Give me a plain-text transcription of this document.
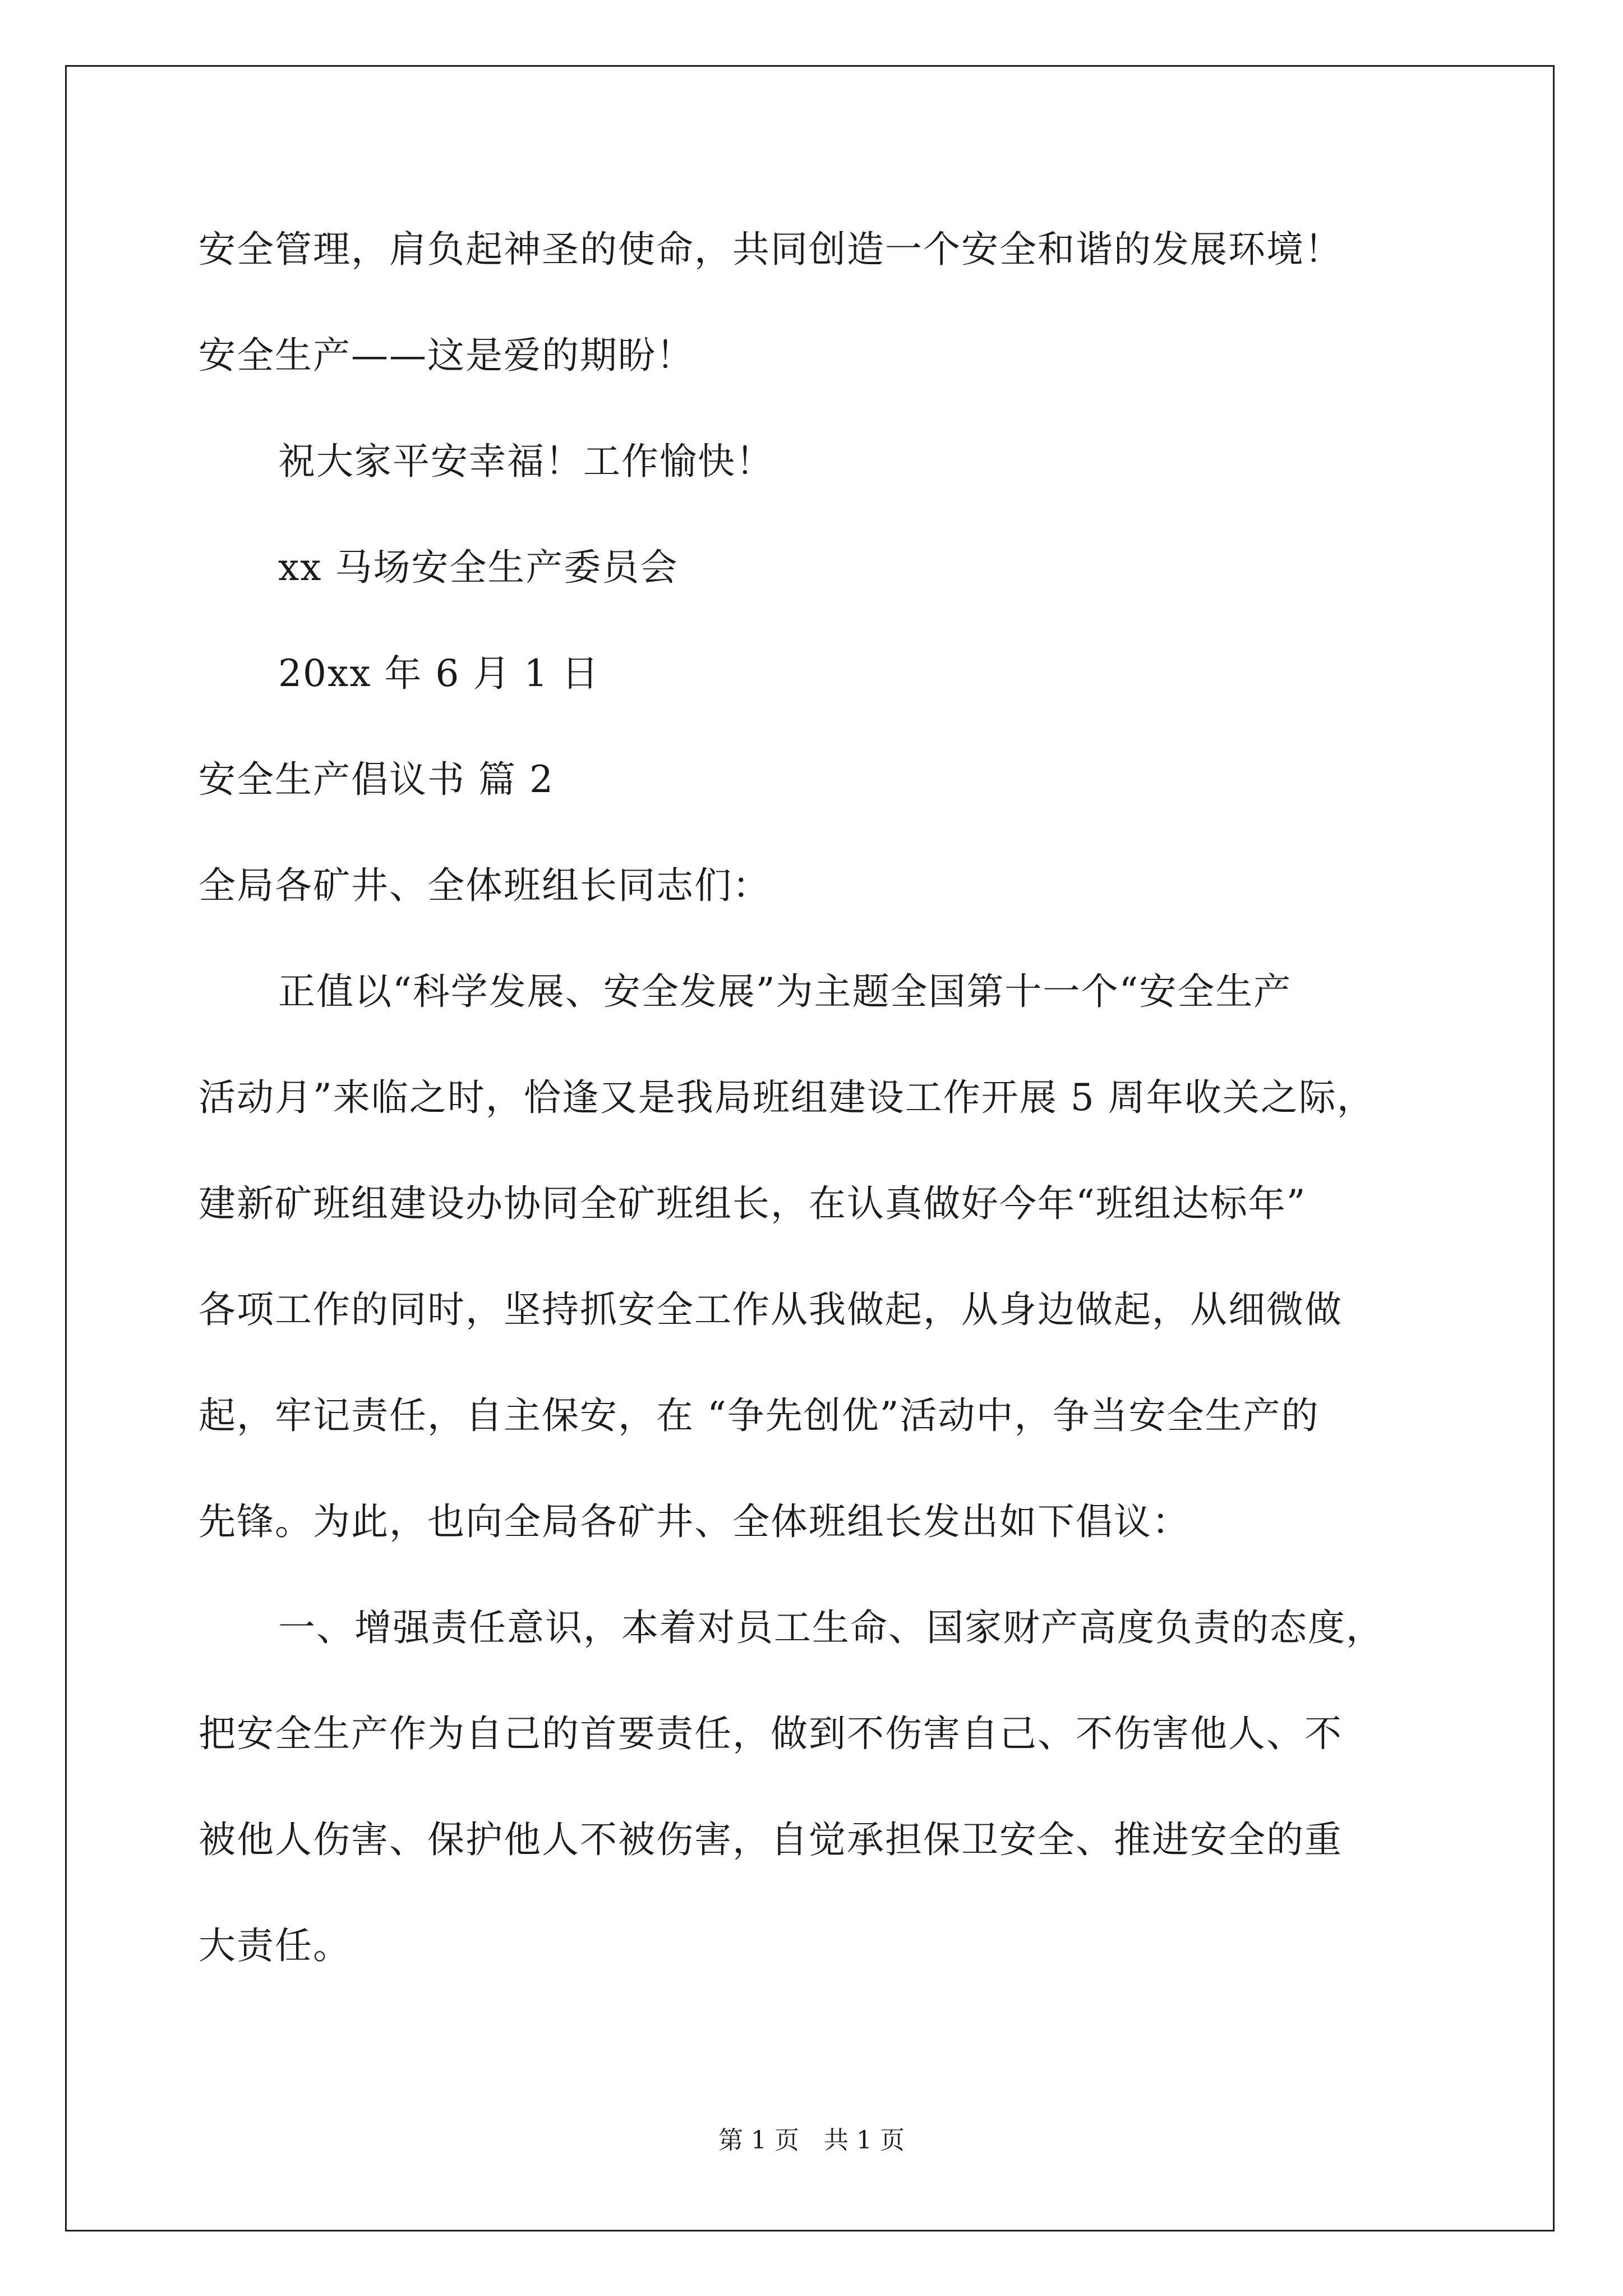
安全管理，肩负起神圣的使命，共同创造一个安全和谐的发展环境！
安全生产——这是爱的期盼！
祝大家平安幸福！工作愉快！
xx 马场安全生产委员会
20xx 年 6 月 1 日
安全生产倡议书 篇 2
全局各矿井、全体班组长同志们：
正值以“科学发展、安全发展”为主题全国第十一个“安全生产
活动月”来临之时，恰逢又是我局班组建设工作开展 5 周年收关之际，
建新矿班组建设办协同全矿班组长，在认真做好今年“班组达标年”
各项工作的同时，坚持抓安全工作从我做起，从身边做起，从细微做
起，牢记责任，自主保安，在 “争先创优”活动中，争当安全生产的
先锋。为此，也向全局各矿井、全体班组长发出如下倡议：
一、增强责任意识，本着对员工生命、国家财产高度负责的态度，
把安全生产作为自己的首要责任，做到不伤害自己、不伤害他人、不
被他人伤害、保护他人不被伤害，自觉承担保卫安全、推进安全的重
大责任。
第 1 页　共 1 页
